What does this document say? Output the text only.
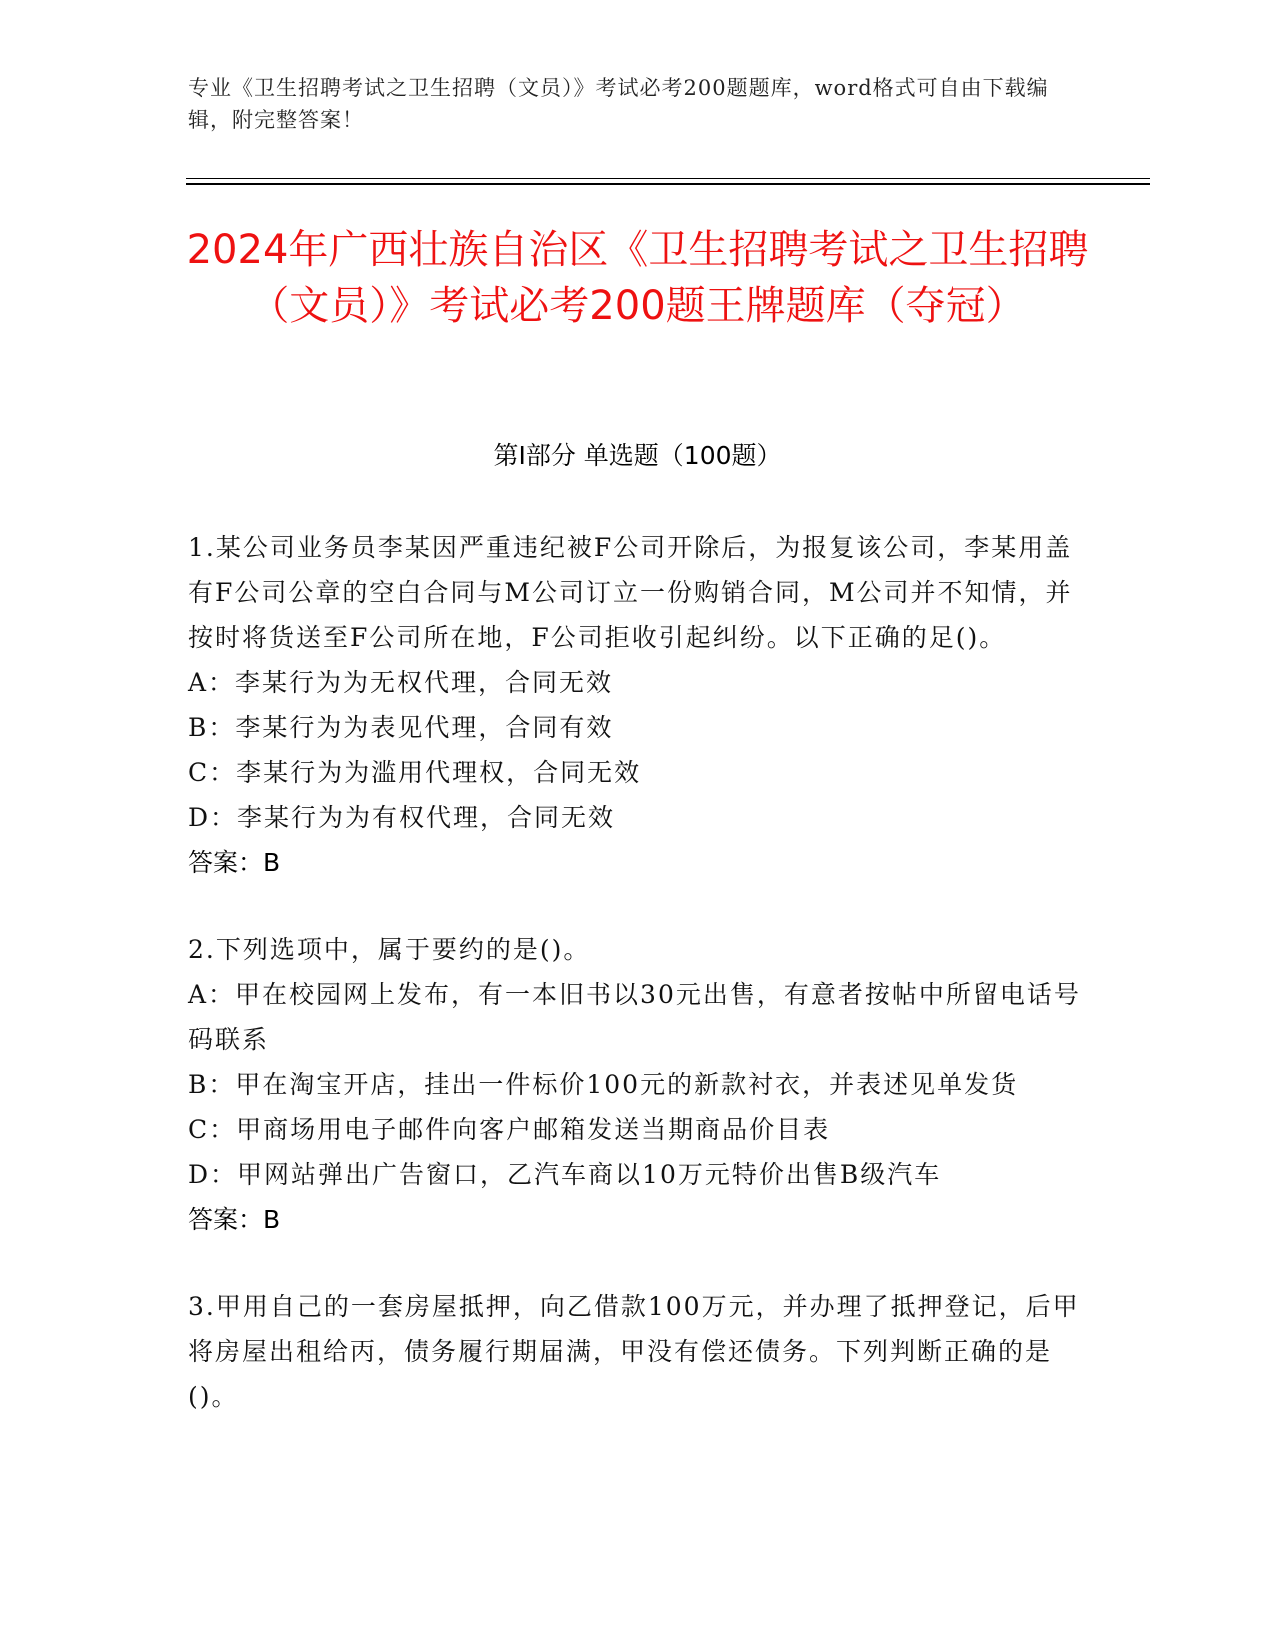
专业《卫生招聘考试之卫生招聘（文员）》考试必考200题题库，word格式可自由下载编辑，附完整答案！
2024年广西壮族自治区《卫生招聘考试之卫生招聘（文员）》考试必考200题王牌题库（夺冠）
第Ⅰ部分 单选题（100题）
1.某公司业务员李某因严重违纪被F公司开除后，为报复该公司，李某用盖有F公司公章的空白合同与M公司订立一份购销合同，M公司并不知情，并按时将货送至F公司所在地，F公司拒收引起纠纷。以下正确的足()。
A：李某行为为无权代理，合同无效
B：李某行为为表见代理，合同有效
C：李某行为为滥用代理权，合同无效
D：李某行为为有权代理，合同无效
答案：B
2.下列选项中，属于要约的是()。
A：甲在校园网上发布，有一本旧书以30元出售，有意者按帖中所留电话号码联系
B：甲在淘宝开店，挂出一件标价100元的新款衬衣，并表述见单发货
C：甲商场用电子邮件向客户邮箱发送当期商品价目表
D：甲网站弹出广告窗口，乙汽车商以10万元特价出售B级汽车
答案：B
3.甲用自己的一套房屋抵押，向乙借款100万元，并办理了抵押登记，后甲将房屋出租给丙，债务履行期届满，甲没有偿还债务。下列判断正确的是()。
